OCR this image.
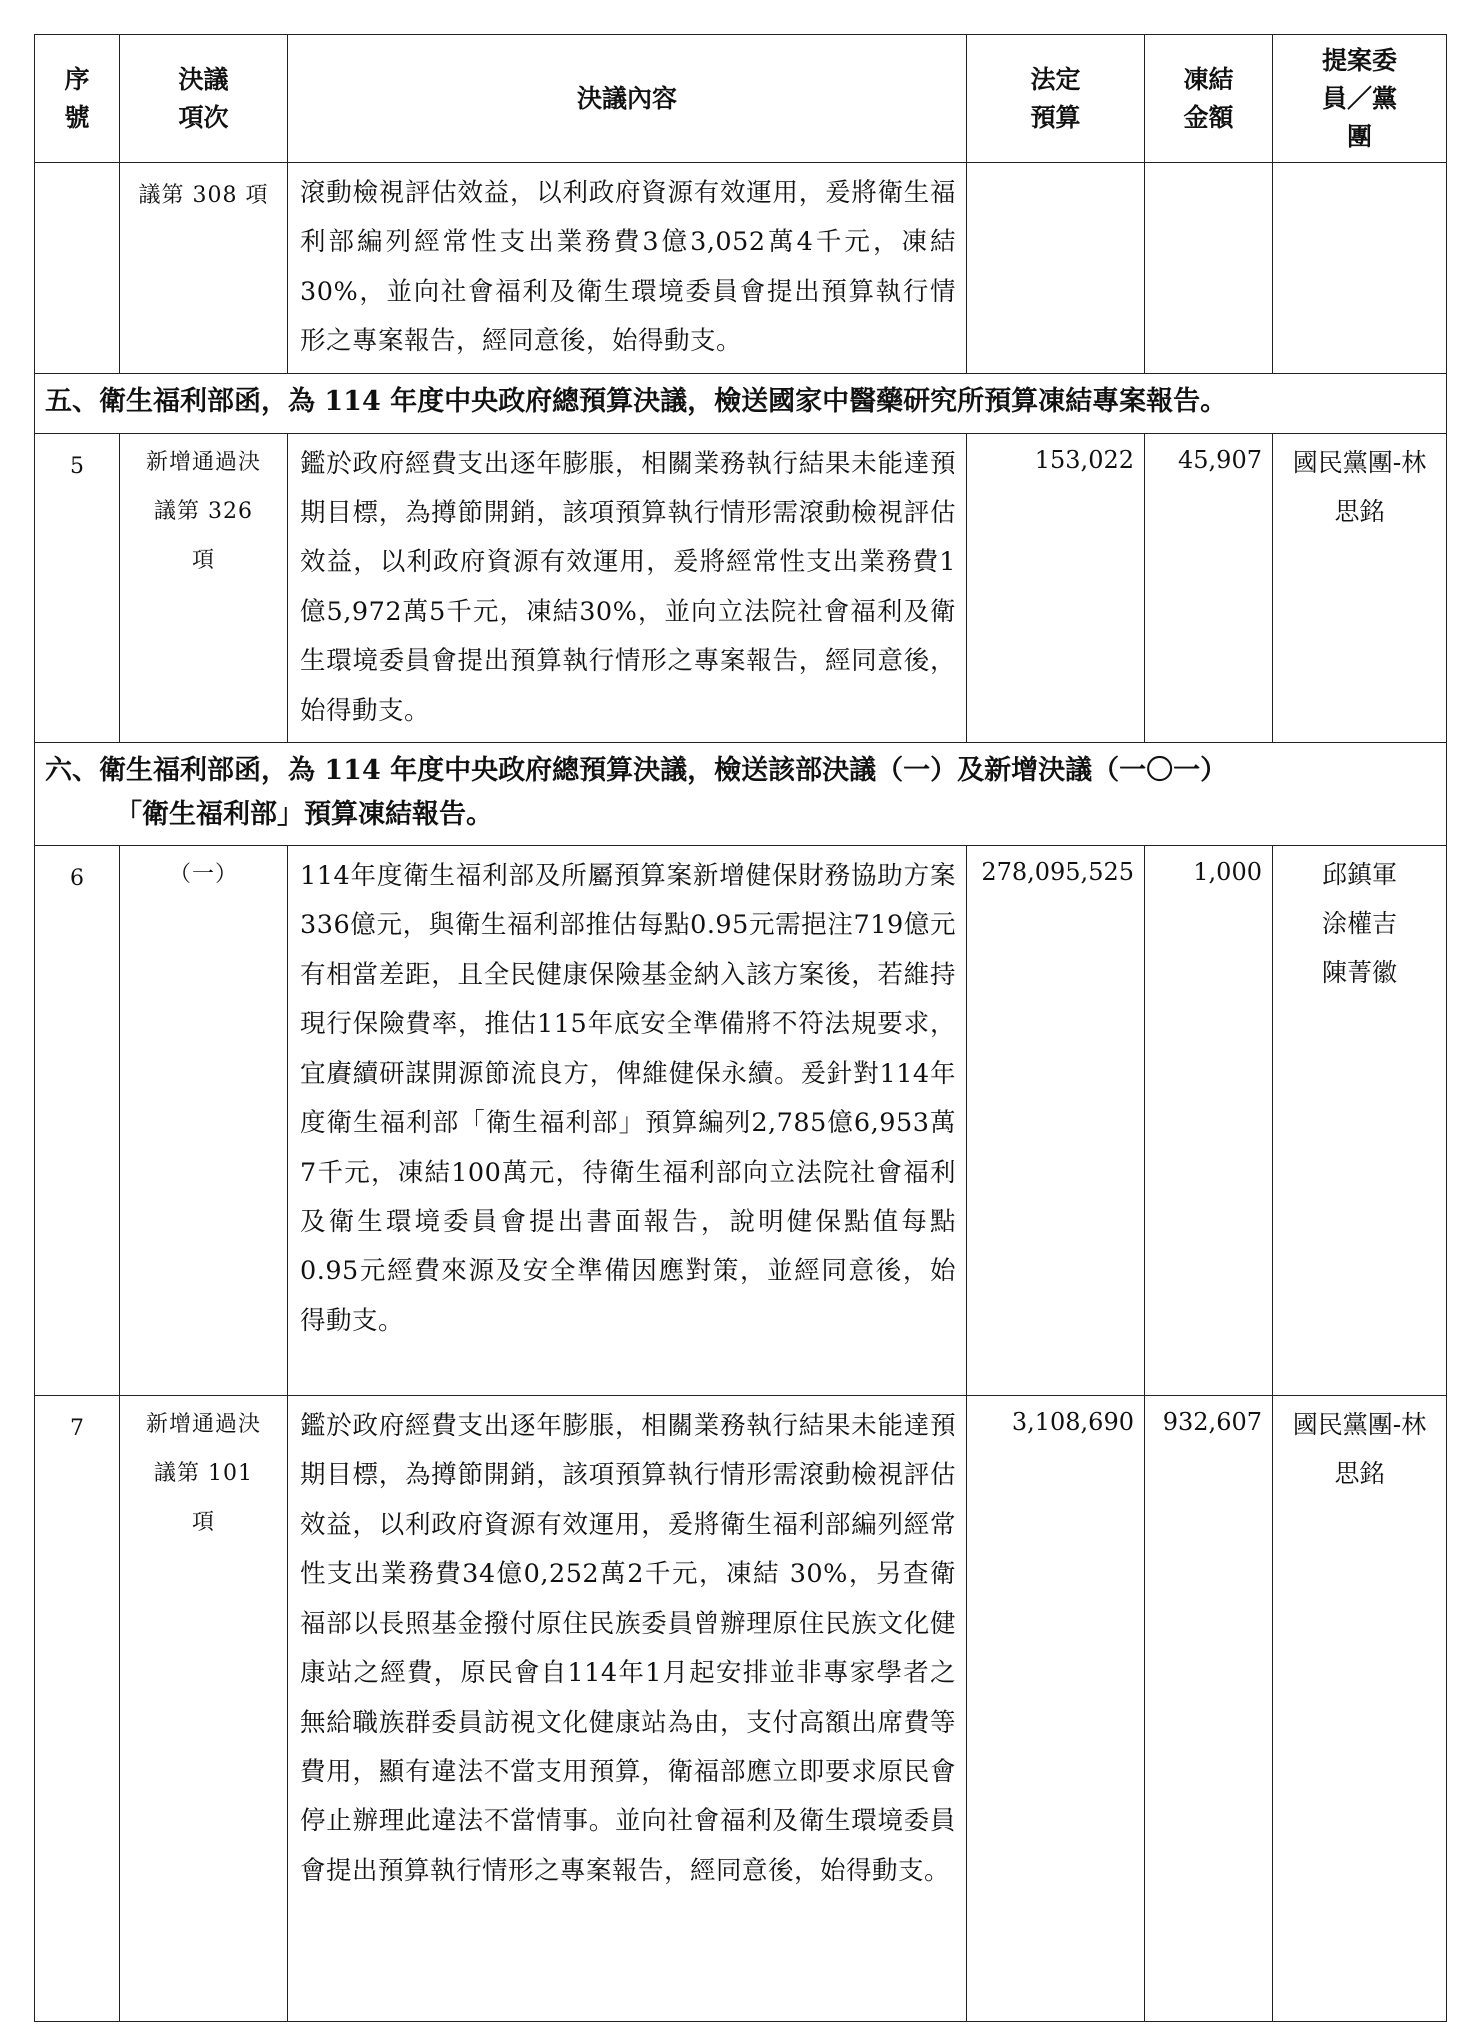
序號	決議項次	決議內容	法定預算	凍結金額	提案委員／黨團

	議第 308 項	滾動檢視評估效益，以利政府資源有效運用，爰將衛生福利部編列經常性支出業務費3億3,052萬4千元，凍結30%，並向社會福利及衛生環境委員會提出預算執行情形之專案報告，經同意後，始得動支。			
五、衛生福利部函，為 114 年度中央政府總預算決議，檢送國家中醫藥研究所預算凍結專案報告。					
5	新增通過決議第 326 項	鑑於政府經費支出逐年膨脹，相關業務執行結果未能達預期目標，為撙節開銷，該項預算執行情形需滾動檢視評估效益，以利政府資源有效運用，爰將經常性支出業務費1億5,972萬5千元，凍結30%，並向立法院社會福利及衛生環境委員會提出預算執行情形之專案報告，經同意後，始得動支。	153,022	45,907	國民黨團-林思銘

六、衛生福利部函，為 114 年度中央政府總預算決議，檢送該部決議（一）及新增決議（一〇一）
「衛生福利部」預算凍結報告。					

6	（一）	114年度衛生福利部及所屬預算案新增健保財務協助方案336億元，與衛生福利部推估每點0.95元需挹注719億元有相當差距，且全民健康保險基金納入該方案後，若維持現行保險費率，推估115年底安全準備將不符法規要求，宜賡續研謀開源節流良方，俾維健保永續。爰針對114年度衛生福利部「衛生福利部」預算編列2,785億6,953萬7千元，凍結100萬元，待衛生福利部向立法院社會福利及衛生環境委員會提出書面報告，說明健保點值每點0.95元經費來源及安全準備因應對策，並經同意後，始得動支。	278,095,525	1,000	邱鎮軍 涂權吉 陳菁徽

7	新增通過決議第 101 項	鑑於政府經費支出逐年膨脹，相關業務執行結果未能達預期目標，為撙節開銷，該項預算執行情形需滾動檢視評估效益，以利政府資源有效運用，爰將衛生福利部編列經常性支出業務費34億0,252萬2千元，凍結 30%，另查衛福部以長照基金撥付原住民族委員曾辦理原住民族文化健康站之經費，原民會自114年1月起安排並非專家學者之無給職族群委員訪視文化健康站為由，支付高額出席費等費用，顯有違法不當支用預算，衛福部應立即要求原民會停止辦理此違法不當情事。並向社會福利及衛生環境委員會提出預算執行情形之專案報告，經同意後，始得動支。	3,108,690	932,607	國民黨團-林思銘
